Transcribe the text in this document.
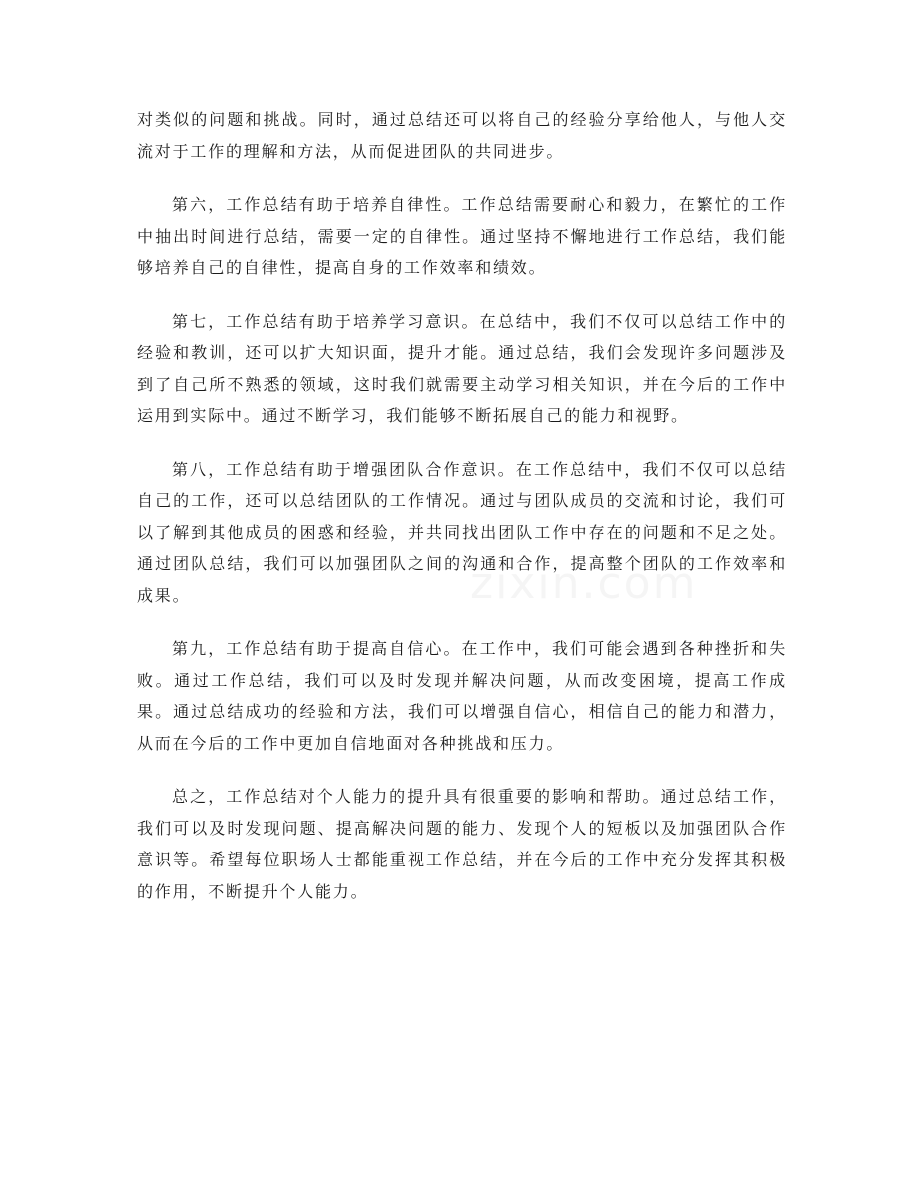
对类似的问题和挑战。同时，通过总结还可以将自己的经验分享给他人，与他人交流对于工作的理解和方法，从而促进团队的共同进步。

第六，工作总结有助于培养自律性。工作总结需要耐心和毅力，在繁忙的工作中抽出时间进行总结，需要一定的自律性。通过坚持不懈地进行工作总结，我们能够培养自己的自律性，提高自身的工作效率和绩效。

第七，工作总结有助于培养学习意识。在总结中，我们不仅可以总结工作中的经验和教训，还可以扩大知识面，提升才能。通过总结，我们会发现许多问题涉及到了自己所不熟悉的领域，这时我们就需要主动学习相关知识，并在今后的工作中运用到实际中。通过不断学习，我们能够不断拓展自己的能力和视野。

第八，工作总结有助于增强团队合作意识。在工作总结中，我们不仅可以总结自己的工作，还可以总结团队的工作情况。通过与团队成员的交流和讨论，我们可以了解到其他成员的困惑和经验，并共同找出团队工作中存在的问题和不足之处。通过团队总结，我们可以加强团队之间的沟通和合作，提高整个团队的工作效率和成果。

第九，工作总结有助于提高自信心。在工作中，我们可能会遇到各种挫折和失败。通过工作总结，我们可以及时发现并解决问题，从而改变困境，提高工作成果。通过总结成功的经验和方法，我们可以增强自信心，相信自己的能力和潜力，从而在今后的工作中更加自信地面对各种挑战和压力。

总之，工作总结对个人能力的提升具有很重要的影响和帮助。通过总结工作，我们可以及时发现问题、提高解决问题的能力、发现个人的短板以及加强团队合作意识等。希望每位职场人士都能重视工作总结，并在今后的工作中充分发挥其积极的作用，不断提升个人能力。

zixin.com
